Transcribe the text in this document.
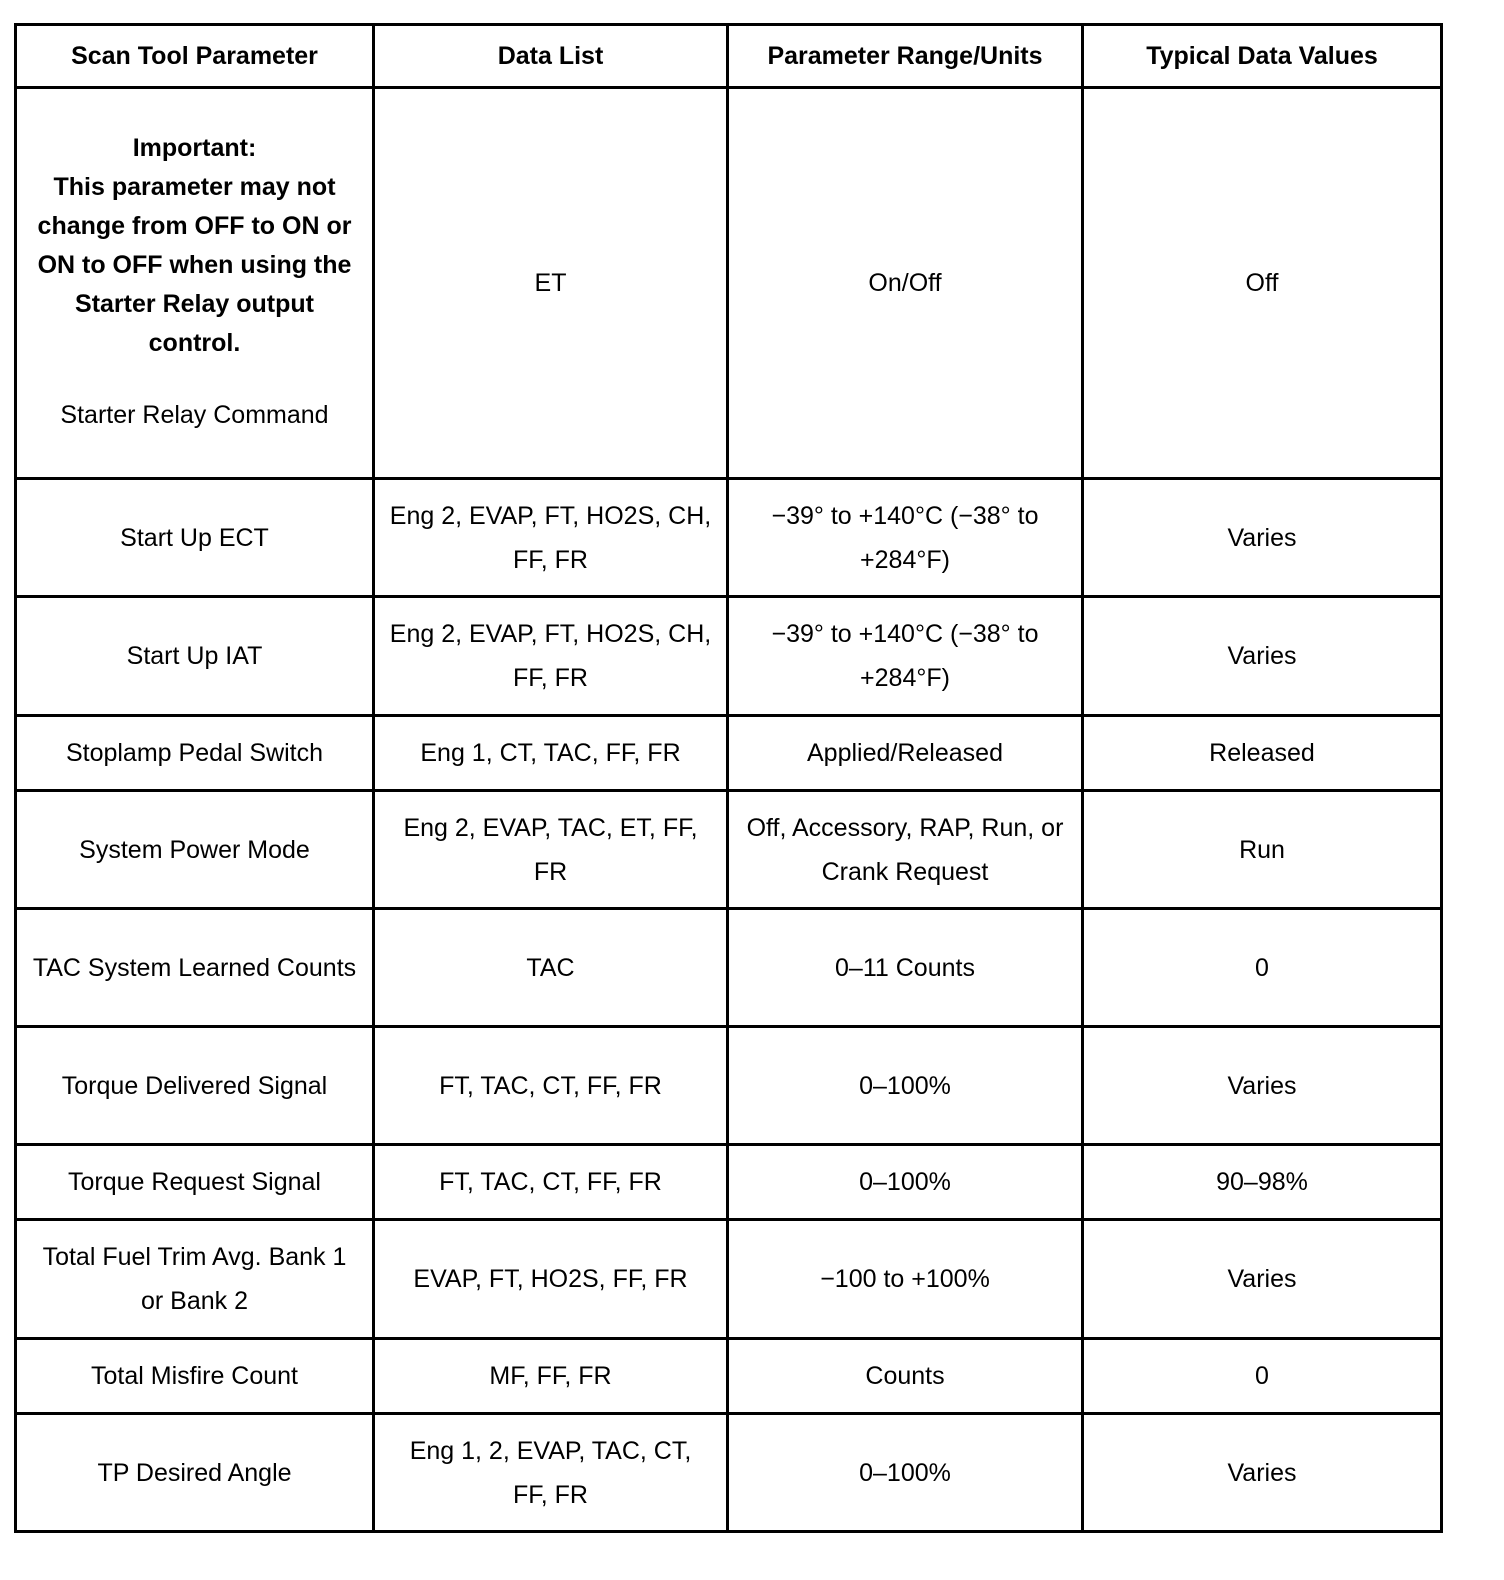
Scan Tool Parameter	Data List	Parameter Range/Units	Typical Data Values

Important:
This parameter may not change from OFF to ON or ON to OFF when using the Starter Relay output control.
Starter Relay Command	ET	On/Off	Off
Start Up ECT	Eng 2, EVAP, FT, HO2S, CH, FF, FR	−39° to +140°C (−38° to +284°F)	Varies
Start Up IAT	Eng 2, EVAP, FT, HO2S, CH, FF, FR	−39° to +140°C (−38° to +284°F)	Varies
Stoplamp Pedal Switch	Eng 1, CT, TAC, FF, FR	Applied/Released	Released
System Power Mode	Eng 2, EVAP, TAC, ET, FF, FR	Off, Accessory, RAP, Run, or Crank Request	Run
TAC System Learned Counts	TAC	0–11 Counts	0
Torque Delivered Signal	FT, TAC, CT, FF, FR	0–100%	Varies
Torque Request Signal	FT, TAC, CT, FF, FR	0–100%	90–98%
Total Fuel Trim Avg. Bank 1 or Bank 2	EVAP, FT, HO2S, FF, FR	−100 to +100%	Varies
Total Misfire Count	MF, FF, FR	Counts	0
TP Desired Angle	Eng 1, 2, EVAP, TAC, CT, FF, FR	0–100%	Varies
